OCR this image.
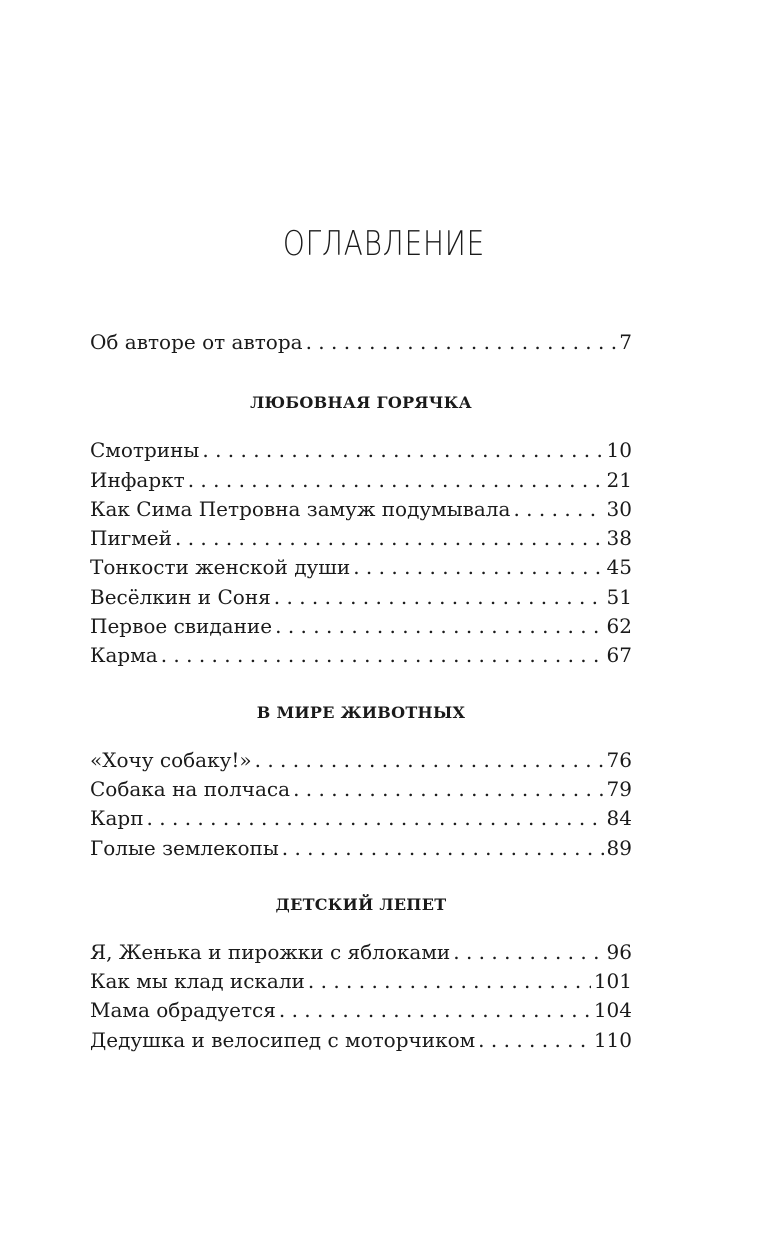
ОГЛАВЛЕНИЕ
Об авторе от автора . . .	7
ЛЮБОВНАЯ ГОРЯЧКА
Смотрины . . .	10
Инфаркт . . .	21
Как Сима Петровна замуж подумывала . . .	30
Пигмей . . .	38
Тонкости женской души . . .	45
Весёлкин и Соня . . .	51
Первое свидание . . .	62
Карма . . .	67
В МИРЕ ЖИВОТНЫХ
«Хочу собаку!» . . .	76
Собака на полчаса . . .	79
Карп . . .	84
Голые землекопы . . .	89
ДЕТСКИЙ ЛЕПЕТ
Я, Женька и пирожки с яблоками . . .	96
Как мы клад искали . . .	101
Мама обрадуется . . .	104
Дедушка и велосипед с моторчиком . . .	110
